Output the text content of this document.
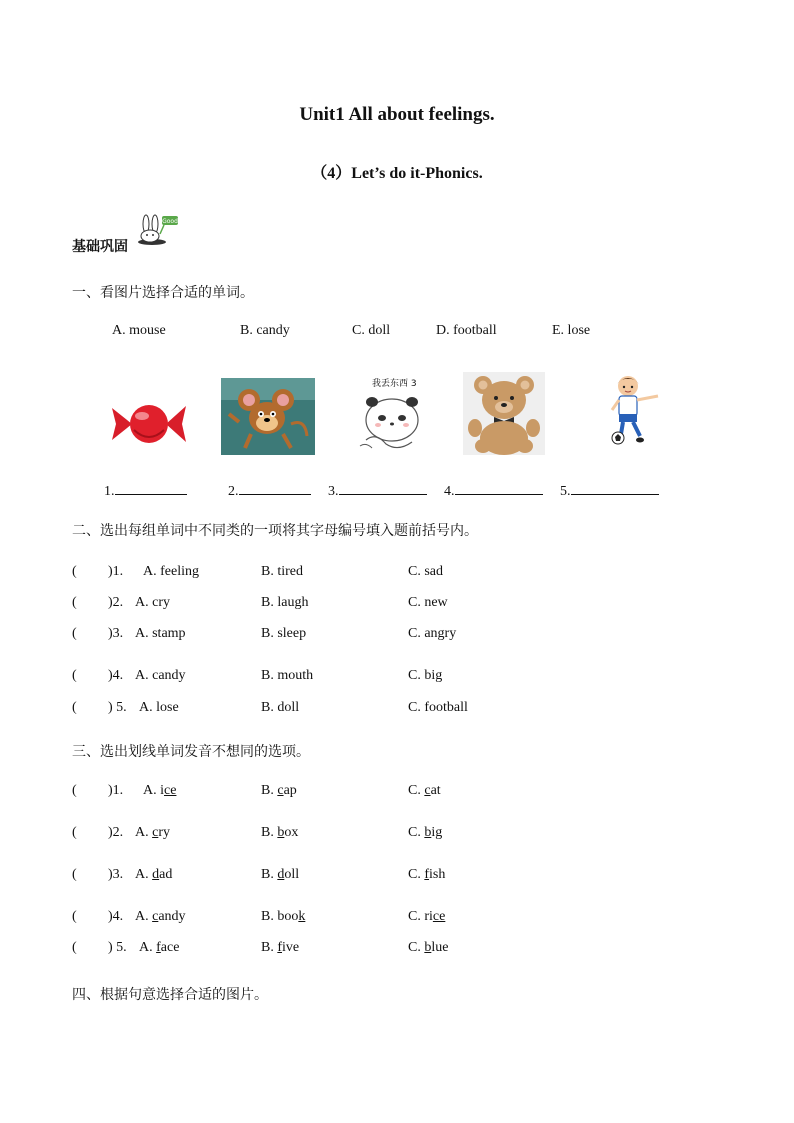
Unit1 All about feelings.
（4）Let’s do it-Phonics.
基础巩固
Good
一、看图片选择合适的单词。
A. mouse	B. candy	C. doll	D. football	E. lose
我丢东西 3
1.	2.	3.	4.	5.
二、选出每组单词中不同类的一项将其字母编号填入题前括号内。
( )1. A. feeling	B. tired	C. sad
( )2. A. cry	B. laugh	C. new
( )3. A. stamp	B. sleep	C. angry
( )4. A. candy	B. mouth	C. big
( ) 5. A. lose	B. doll	C. football
三、选出划线单词发音不想同的选项。
( )1. A. ice	B. cap	C. cat
( )2. A. cry	B. box	C. big
( )3. A. dad	B. doll	C. fish
( )4. A. candy	B. book	C. rice
( ) 5. A. face	B. five	C. blue
四、根据句意选择合适的图片。
